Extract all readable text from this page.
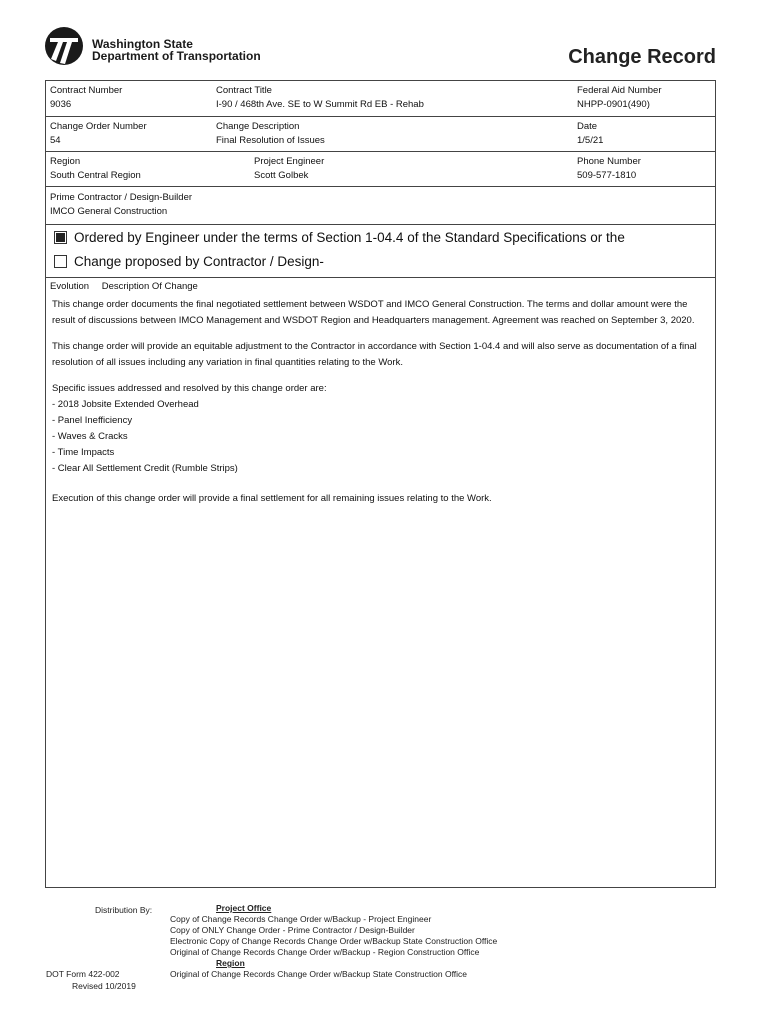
Washington State
Department of Transportation	Change Record
Contract Number
9036
Contract Title
I-90 / 468th Ave. SE to W Summit Rd EB - Rehab
Federal Aid Number
NHPP-0901(490)
Change Order Number
54
Change Description
Final Resolution of Issues
Date
1/5/21
Region
South Central Region
Project Engineer
Scott Golbek
Phone Number
509-577-1810
Prime Contractor / Design-Builder
IMCO General Construction
Ordered by Engineer under the terms of Section 1-04.4 of the Standard Specifications or the
Change proposed by Contractor / Design-
Evolution Description Of Change

This change order documents the final negotiated settlement between WSDOT and IMCO General Construction. The terms and dollar amount were the result of discussions between IMCO Management and WSDOT Region and Headquarters management. Agreement was reached on September 3, 2020.

This change order will provide an equitable adjustment to the Contractor in accordance with Section 1-04.4 and will also serve as documentation of a final resolution of all issues including any variation in final quantities relating to the Work.

Specific issues addressed and resolved by this change order are:

- 2018 Jobsite Extended Overhead
- Panel Inefficiency
- Waves & Cracks
- Time Impacts
- Clear All Settlement Credit (Rumble Strips)

Execution of this change order will provide a final settlement for all remaining issues relating to the Work.

Distribution By:	Project Office
Copy of Change Records Change Order w/Backup - Project Engineer
Copy of ONLY Change Order - Prime Contractor / Design-Builder
Electronic Copy of Change Records Change Order w/Backup State Construction Office
Original of Change Records Change Order w/Backup - Region Construction Office
Region
Original of Change Records Change Order w/Backup State Construction Office
DOT Form 422-002
Revised 10/2019
